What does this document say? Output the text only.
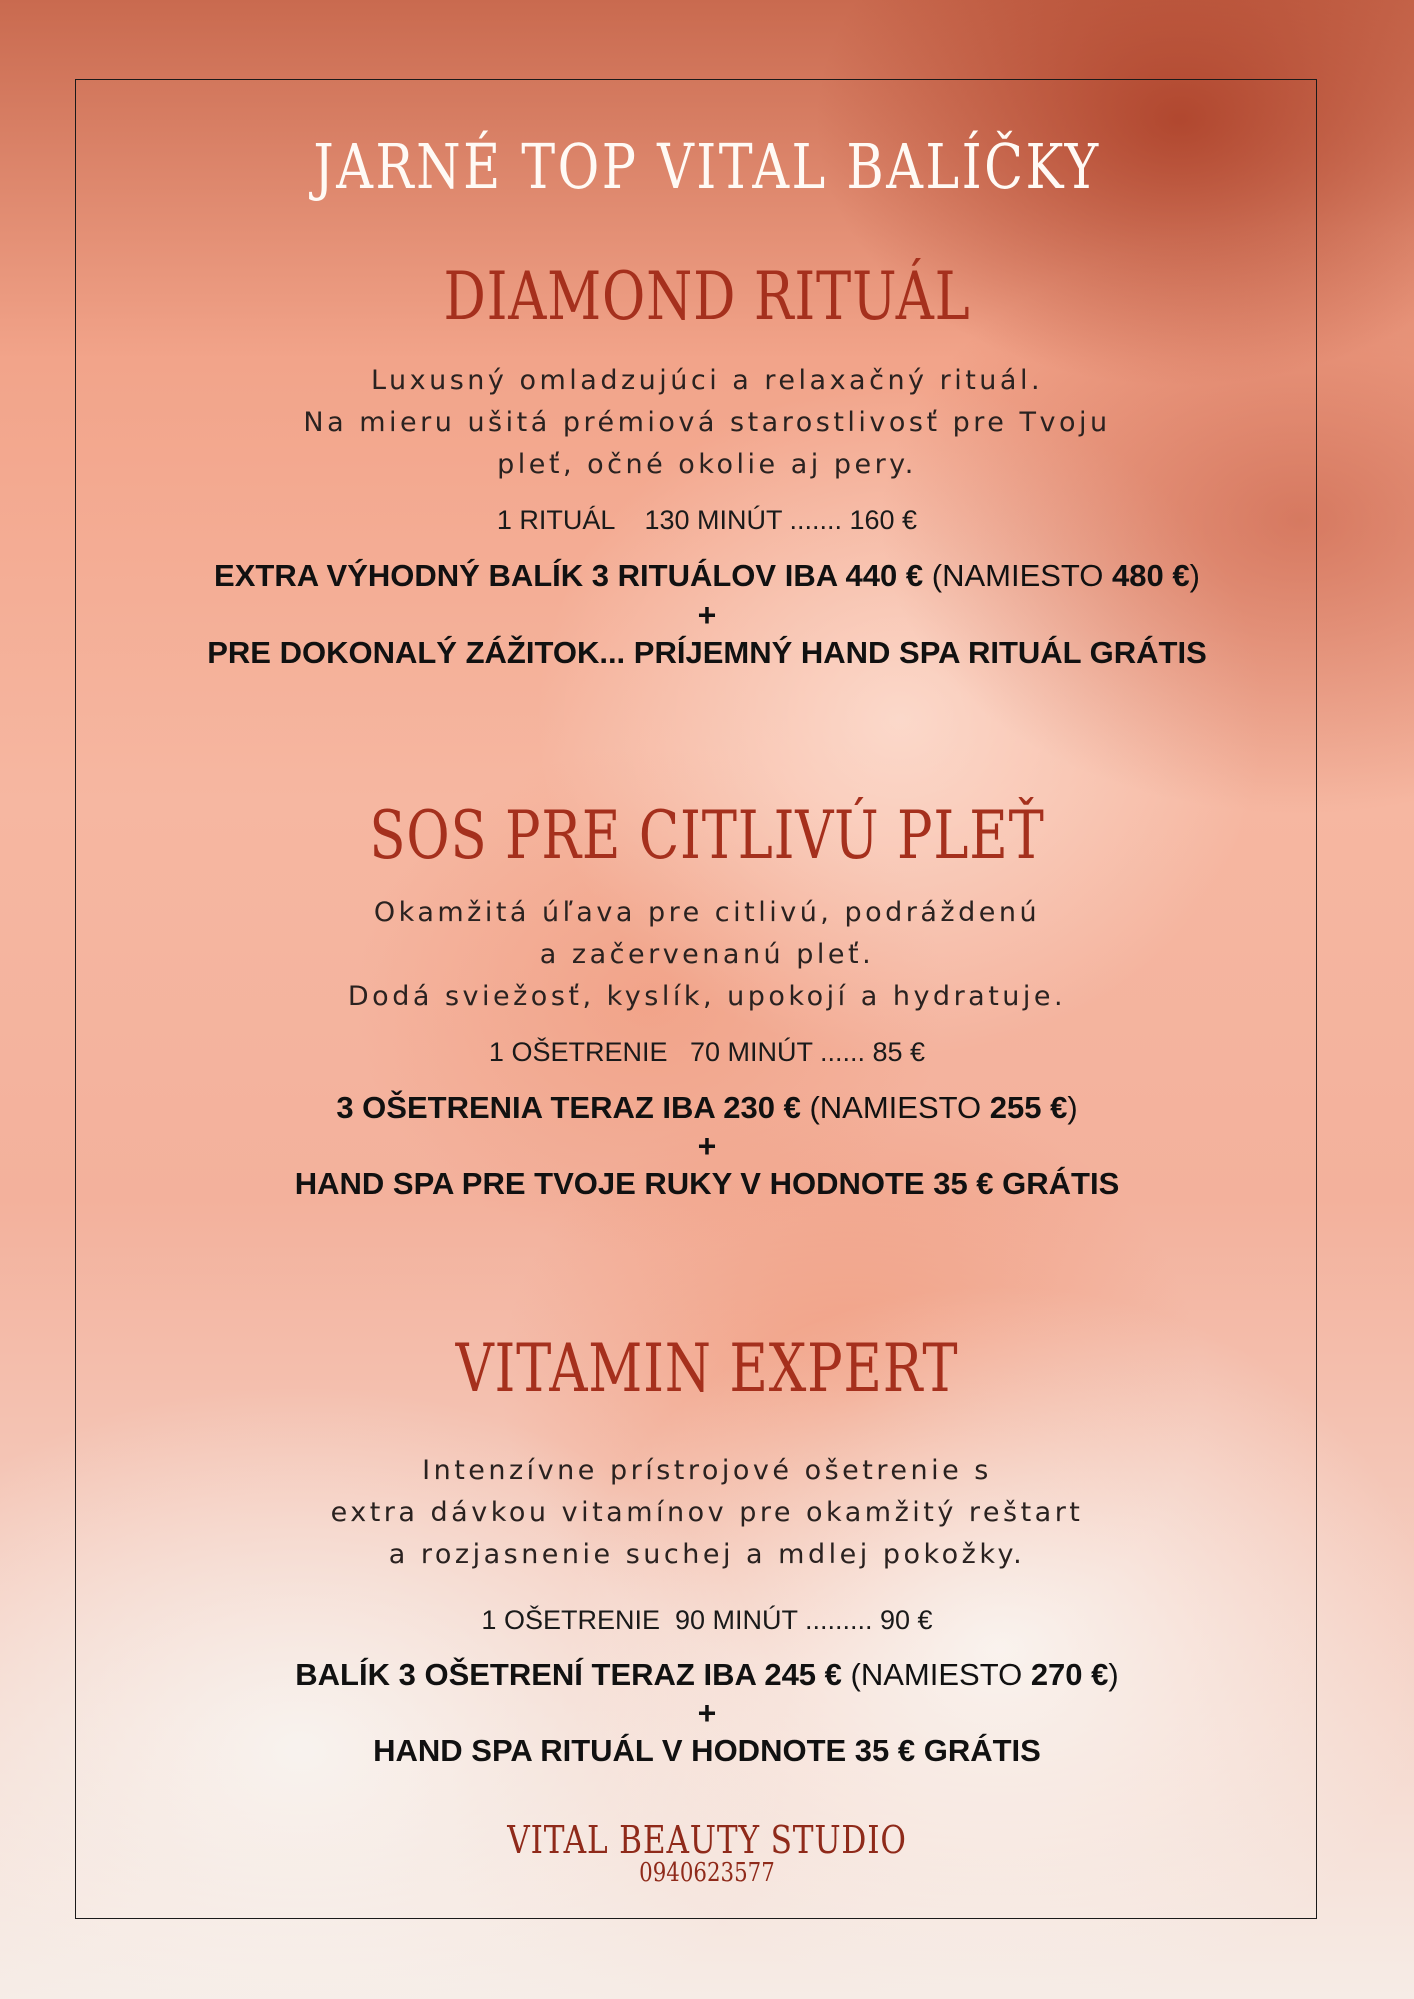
JARNÉ TOP VITAL BALÍČKY
DIAMOND RITUÁL
Luxusný omladzujúci a relaxačný rituál.
Na mieru ušitá prémiová starostlivosť pre Tvoju
pleť, očné okolie aj pery.
1 RITUÁL    130 MINÚT ....... 160 €
EXTRA VÝHODNÝ BALÍK 3 RITUÁLOV IBA 440 € (NAMIESTO 480 €)
+
PRE DOKONALÝ ZÁŽITOK... PRÍJEMNÝ HAND SPA RITUÁL GRÁTIS
SOS PRE CITLIVÚ PLEŤ
Okamžitá úľava pre citlivú, podráždenú
a začervenanú pleť.
Dodá sviežosť, kyslík, upokojí a hydratuje.
1 OŠETRENIE   70 MINÚT ...... 85 €
3 OŠETRENIA TERAZ IBA 230 € (NAMIESTO 255 €)
+
HAND SPA PRE TVOJE RUKY V HODNOTE 35 € GRÁTIS
VITAMIN EXPERT
Intenzívne prístrojové ošetrenie s
extra dávkou vitamínov pre okamžitý reštart
a rozjasnenie suchej a mdlej pokožky.
1 OŠETRENIE  90 MINÚT ......... 90 €
BALÍK 3 OŠETRENÍ TERAZ IBA 245 € (NAMIESTO 270 €)
+
HAND SPA RITUÁL V HODNOTE 35 € GRÁTIS
VITAL BEAUTY STUDIO
0940623577
